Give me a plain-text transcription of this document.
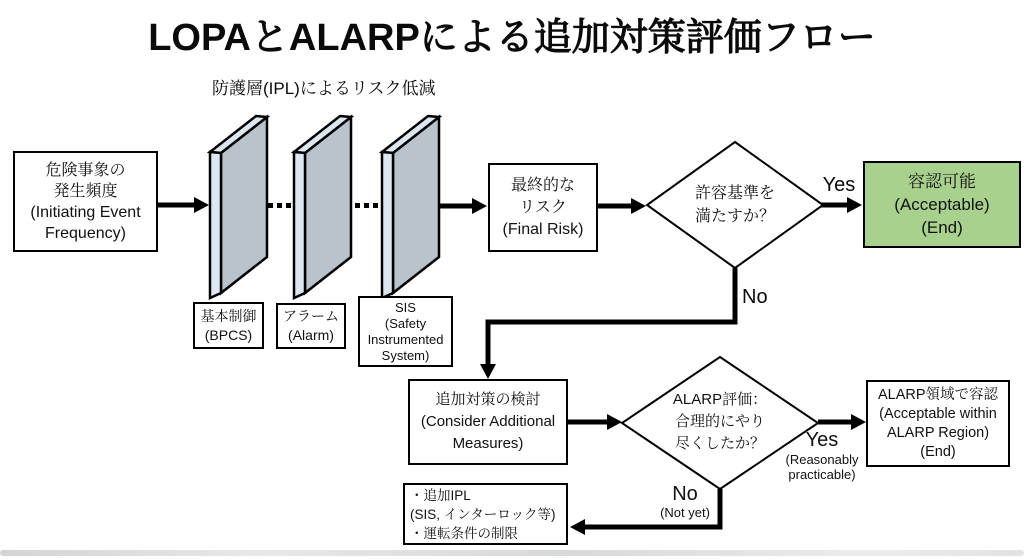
LOPAとALARPによる追加対策評価フロー
防護層(IPL)によるリスク低減
危険事象の
発生頻度
(Initiating Event
Frequency)
基本制御
(BPCS)
アラーム
(Alarm)
SIS
(Safety
Instrumented
System)
最終的な
リスク
(Final Risk)
容認可能
(Acceptable)
(End)
追加対策の検討
(Consider Additional
Measures)
ALARP領域で容認
(Acceptable within
ALARP Region)
(End)
・追加IPL
(SIS, インターロック等)
・運転条件の制限
許容基準を
満たすか？
ALARP評価：
合理的にやり
尽くしたか？
Yes
No
Yes
(Reasonably
practicable)
No
(Not yet)
